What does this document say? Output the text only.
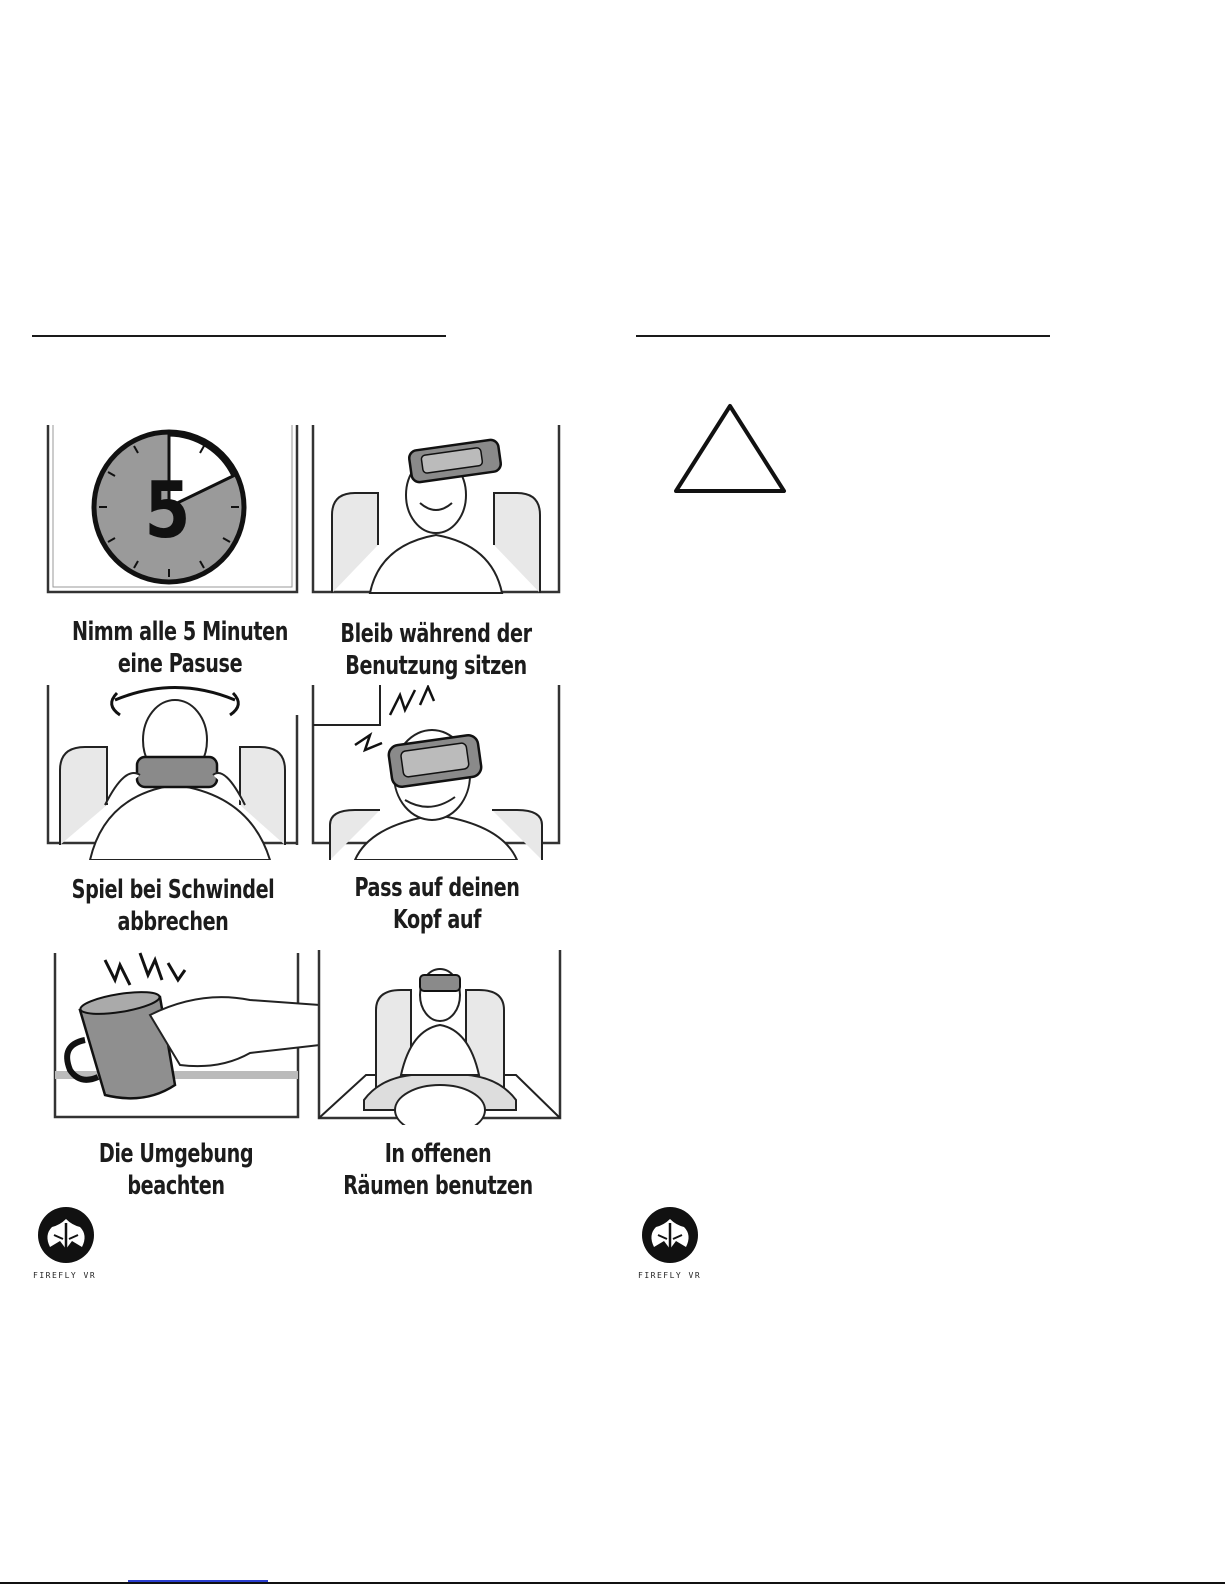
5
Nimm alle 5 Minuten
eine Pasuse
Bleib während der
Benutzung sitzen
Spiel bei Schwindel
abbrechen
Pass auf deinen
Kopf auf
Die Umgebung
beachten
In offenen
Räumen benutzen
FIREFLY VR	FIREFLY VR
